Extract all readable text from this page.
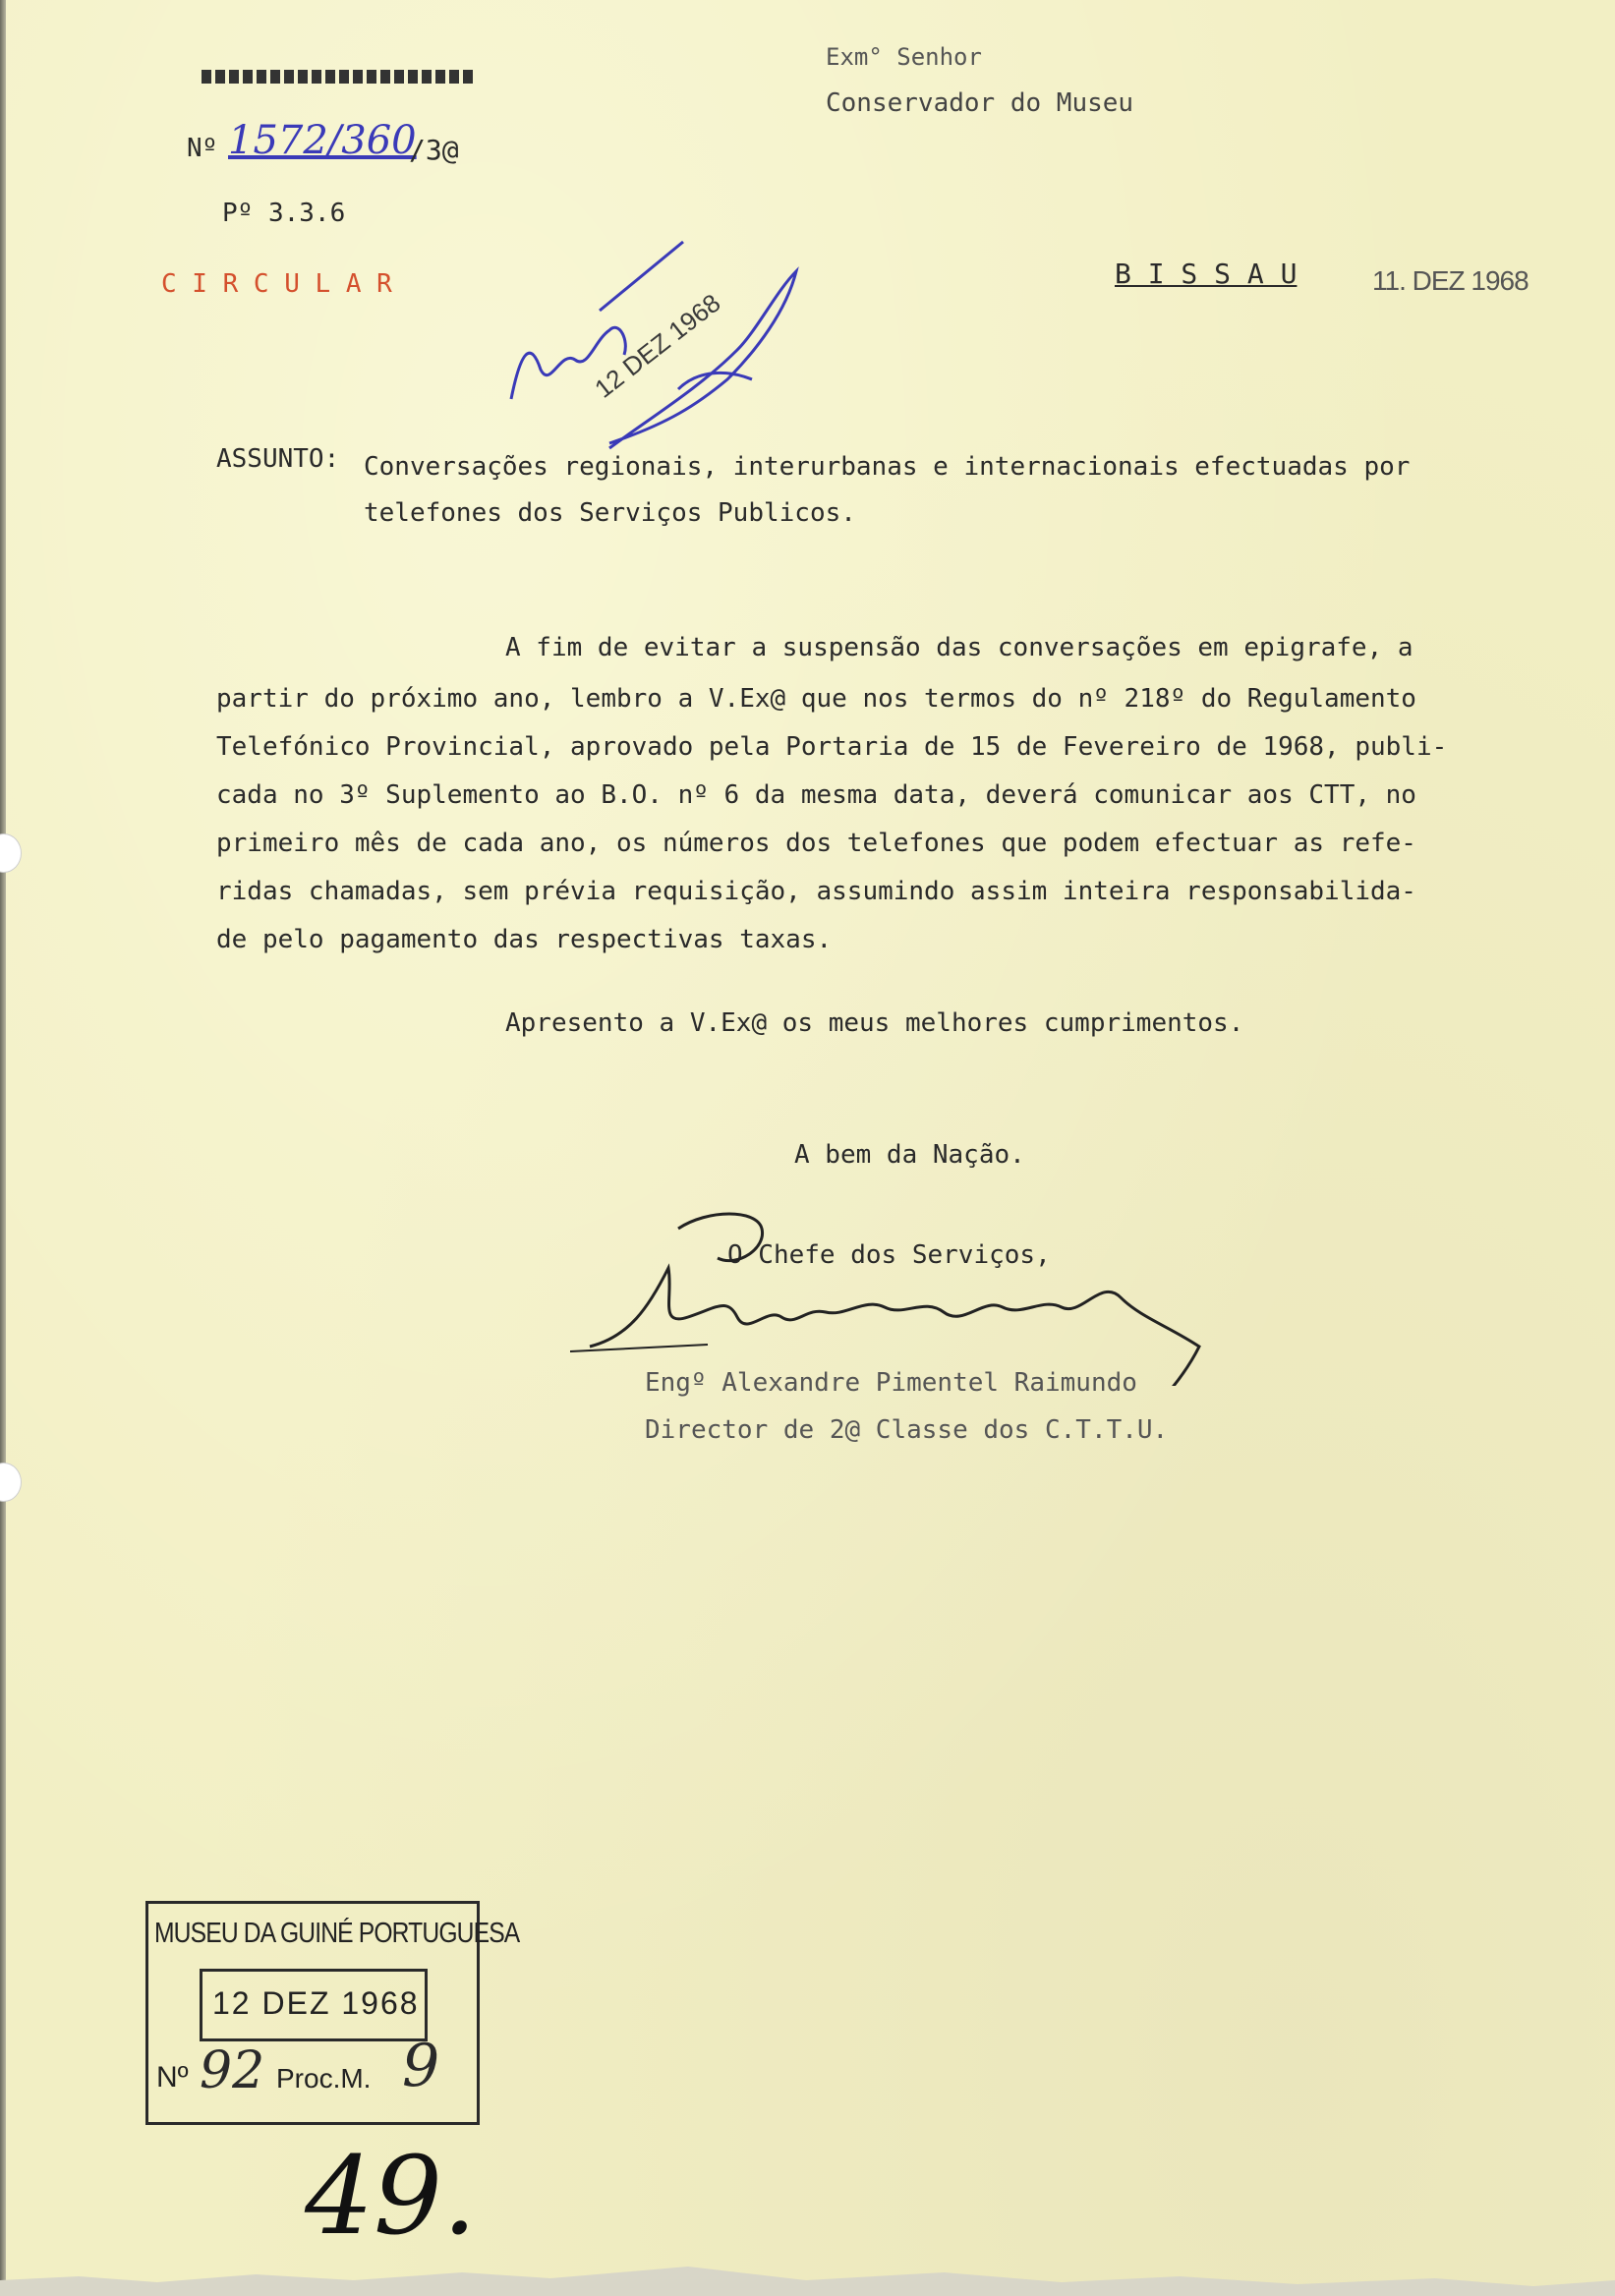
Exm° Senhor
Conservador do Museu
Nº 1572/360
/3@
Pº 3.3.6
C I R C U L A R	B I S S A U	11. DEZ 1968
12 DEZ 1968
ASSUNTO: Conversações regionais, interurbanas e internacionais efectuadas por
telefones dos Serviços Publicos.
A fim de evitar a suspensão das conversações em epigrafe, a
partir do próximo ano, lembro a V.Ex@ que nos termos do nº 218º do Regulamento
Telefónico Provincial, aprovado pela Portaria de 15 de Fevereiro de 1968, publi-
cada no 3º Suplemento ao B.O. nº 6 da mesma data, deverá comunicar aos CTT, no
primeiro mês de cada ano, os números dos telefones que podem efectuar as refe-
ridas chamadas, sem prévia requisição, assumindo assim inteira responsabilida-
de pelo pagamento das respectivas taxas.
Apresento a V.Ex@ os meus melhores cumprimentos.
A bem da Nação.
O Chefe dos Serviços,
Engº Alexandre Pimentel Raimundo
Director de 2@ Classe dos C.T.T.U.
MUSEU DA GUINÉ PORTUGUESA
12 DEZ 1968
Nº 92 Proc.M. 9
49.
